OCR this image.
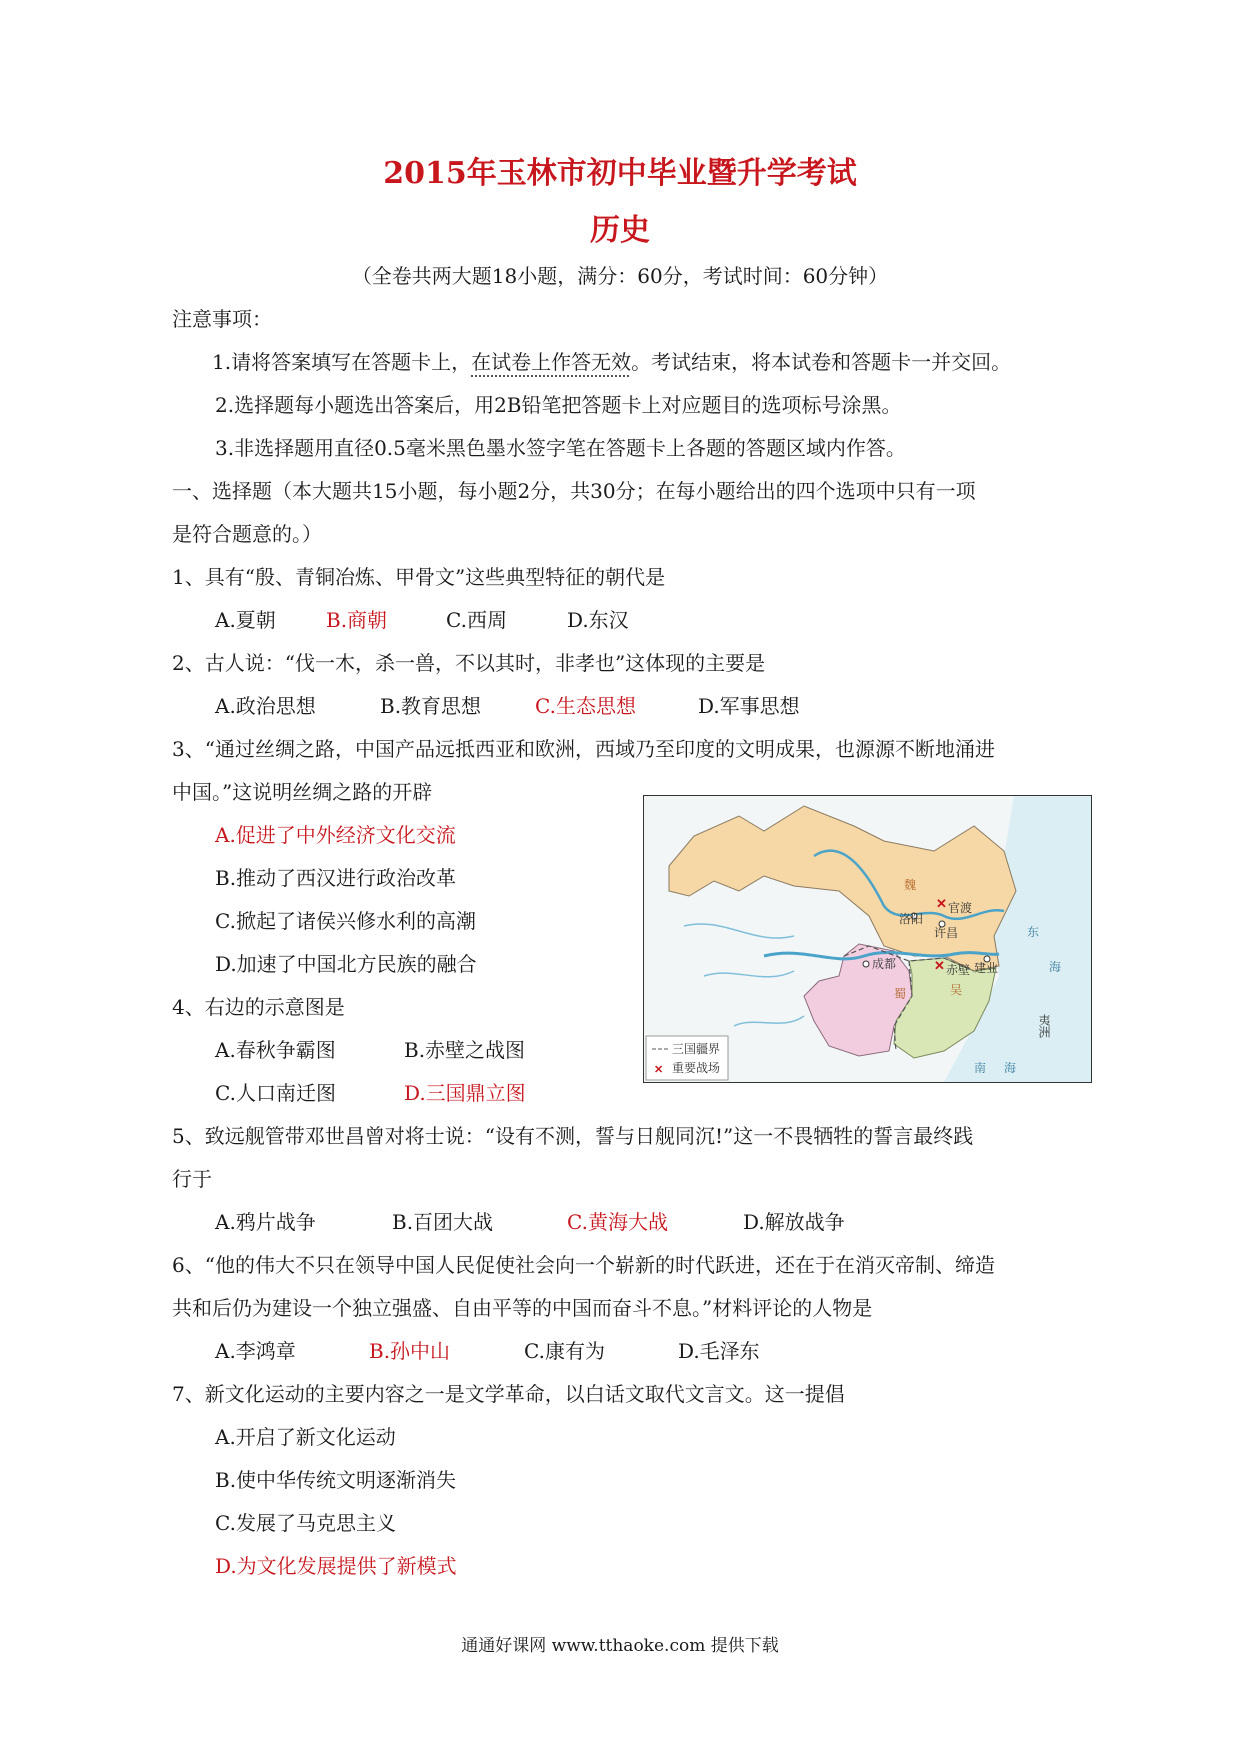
2015年玉林市初中毕业暨升学考试
历史
（全卷共两大题18小题，满分：60分，考试时间：60分钟）
注意事项：
1.请将答案填写在答题卡上，在试卷上作答无效。考试结束，将本试卷和答题卡一并交回。
2.选择题每小题选出答案后，用2B铅笔把答题卡上对应题目的选项标号涂黑。
3.非选择题用直径0.5毫米黑色墨水签字笔在答题卡上各题的答题区域内作答。
一、选择题（本大题共15小题，每小题2分，共30分；在每小题给出的四个选项中只有一项
是符合题意的。）
1、具有“殷、青铜冶炼、甲骨文”这些典型特征的朝代是
A.夏朝	B.商朝	C.西周	D.东汉
2、古人说：“伐一木，杀一兽，不以其时，非孝也”这体现的主要是
A.政治思想	B.教育思想	C.生态思想	D.军事思想
3、“通过丝绸之路，中国产品远抵西亚和欧洲，西域乃至印度的文明成果，也源源不断地涌进
中国。”这说明丝绸之路的开辟
A.促进了中外经济文化交流
B.推动了西汉进行政治改革
C.掀起了诸侯兴修水利的高潮
D.加速了中国北方民族的融合
4、右边的示意图是
A.春秋争霸图	B.赤壁之战图
C.人口南迁图	D.三国鼎立图
✕
✕
魏
洛阳
许昌
官渡
成都
蜀
赤壁 建业
吴
东
海
夷洲
南 海
三国疆界
✕ 重要战场
5、致远舰管带邓世昌曾对将士说：“设有不测，誓与日舰同沉!”这一不畏牺牲的誓言最终践
行于
A.鸦片战争	B.百团大战	C.黄海大战	D.解放战争
6、“他的伟大不只在领导中国人民促使社会向一个崭新的时代跃进，还在于在消灭帝制、缔造
共和后仍为建设一个独立强盛、自由平等的中国而奋斗不息。”材料评论的人物是
A.李鸿章	B.孙中山	C.康有为	D.毛泽东
7、新文化运动的主要内容之一是文学革命，以白话文取代文言文。这一提倡
A.开启了新文化运动
B.使中华传统文明逐渐消失
C.发展了马克思主义
D.为文化发展提供了新模式
通通好课网 www.tthaoke.com 提供下载
